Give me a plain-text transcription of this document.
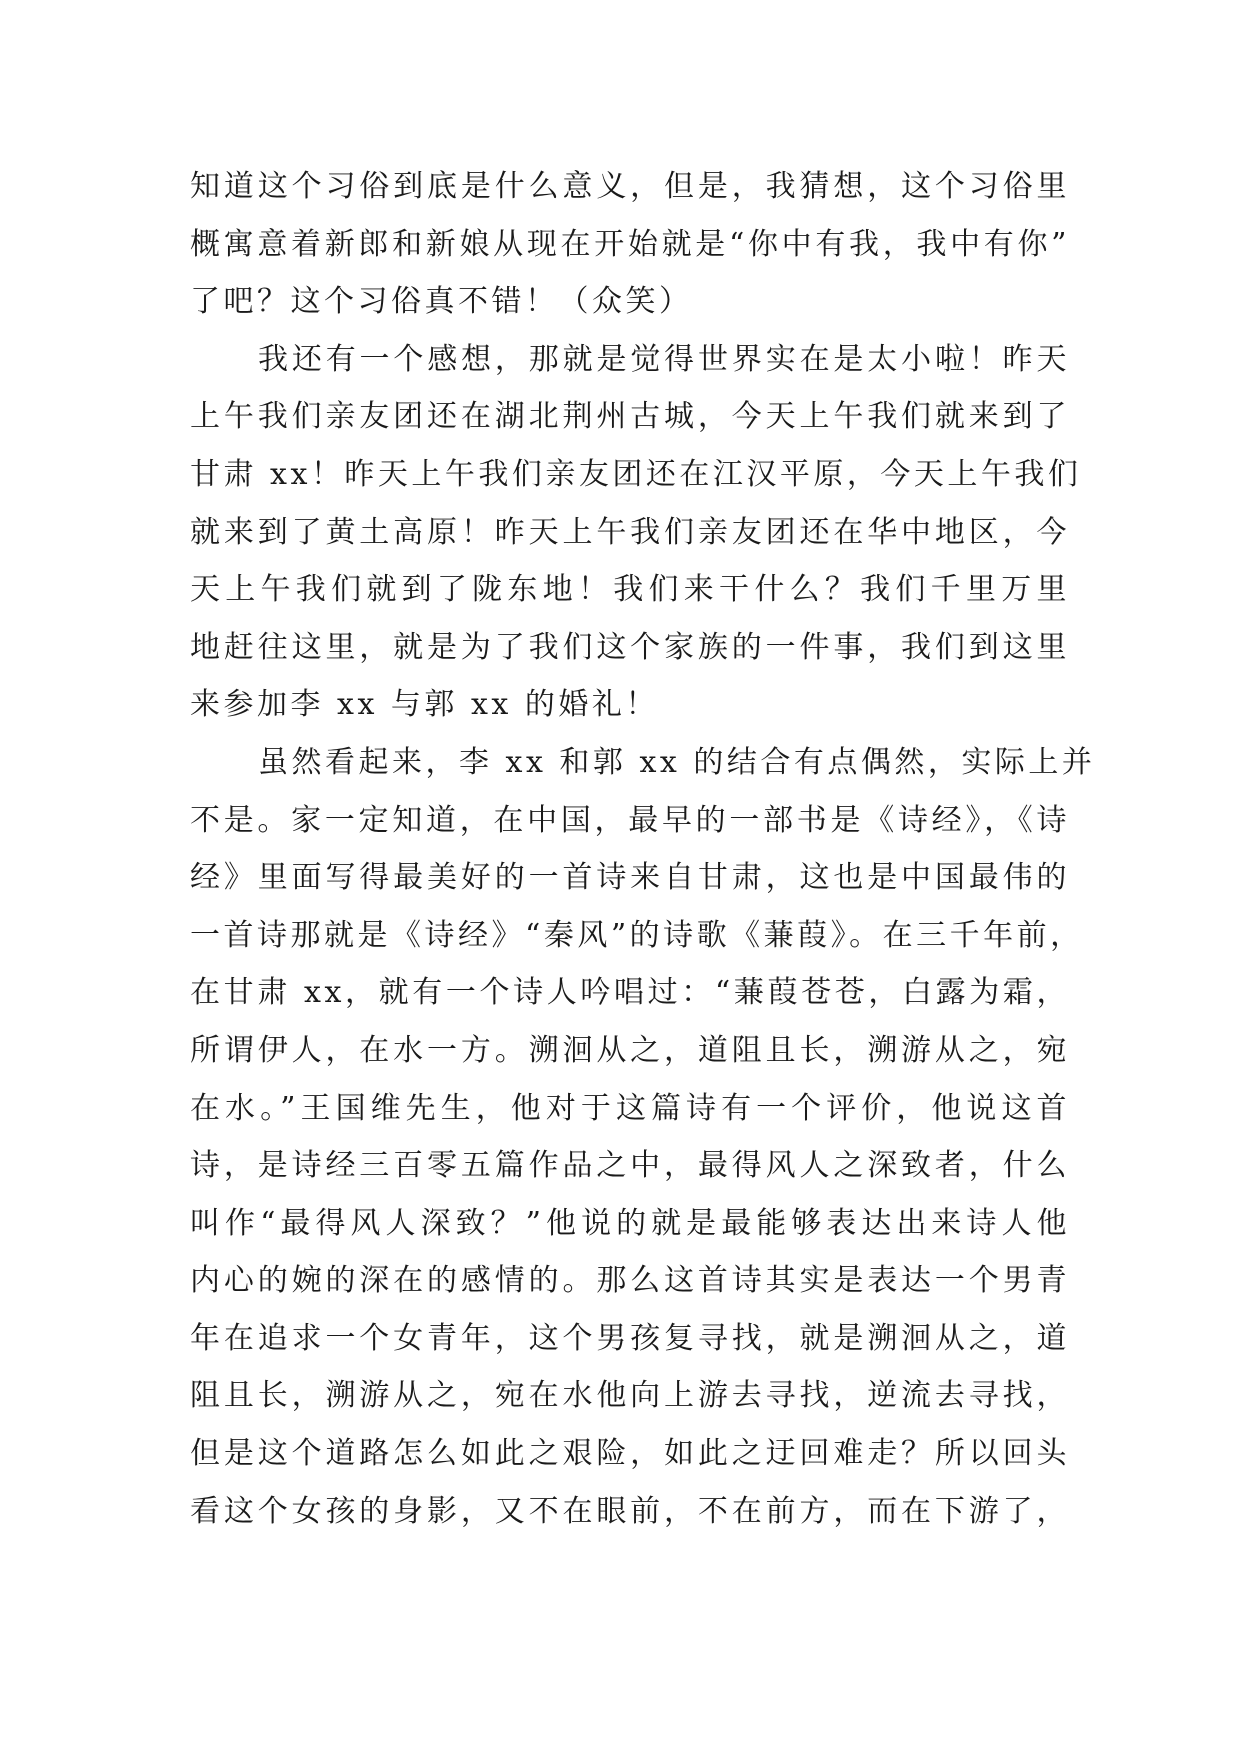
知道这个习俗到底是什么意义，但是，我猜想，这个习俗里
概寓意着新郎和新娘从现在开始就是“你中有我，我中有你”
了吧？这个习俗真不错！（众笑）
我还有一个感想，那就是觉得世界实在是太小啦！昨天
上午我们亲友团还在湖北荆州古城，今天上午我们就来到了
甘肃 xx！昨天上午我们亲友团还在江汉平原，今天上午我们
就来到了黄土高原！昨天上午我们亲友团还在华中地区，今
天上午我们就到了陇东地！我们来干什么？我们千里万里
地赶往这里，就是为了我们这个家族的一件事，我们到这里
来参加李 xx 与郭 xx 的婚礼！
虽然看起来，李 xx 和郭 xx 的结合有点偶然，实际上并
不是。家一定知道，在中国，最早的一部书是《诗经》，《诗
经》里面写得最美好的一首诗来自甘肃，这也是中国最伟的
一首诗那就是《诗经》“秦风”的诗歌《蒹葭》。在三千年前，
在甘肃 xx，就有一个诗人吟唱过：“蒹葭苍苍，白露为霜，
所谓伊人，在水一方。溯洄从之，道阻且长，溯游从之，宛
在水。”王国维先生，他对于这篇诗有一个评价，他说这首
诗，是诗经三百零五篇作品之中，最得风人之深致者，什么
叫作“最得风人深致？”他说的就是最能够表达出来诗人他
内心的婉的深在的感情的。那么这首诗其实是表达一个男青
年在追求一个女青年，这个男孩复寻找，就是溯洄从之，道
阻且长，溯游从之，宛在水他向上游去寻找，逆流去寻找，
但是这个道路怎么如此之艰险，如此之迂回难走？所以回头
看这个女孩的身影，又不在眼前，不在前方，而在下游了，
